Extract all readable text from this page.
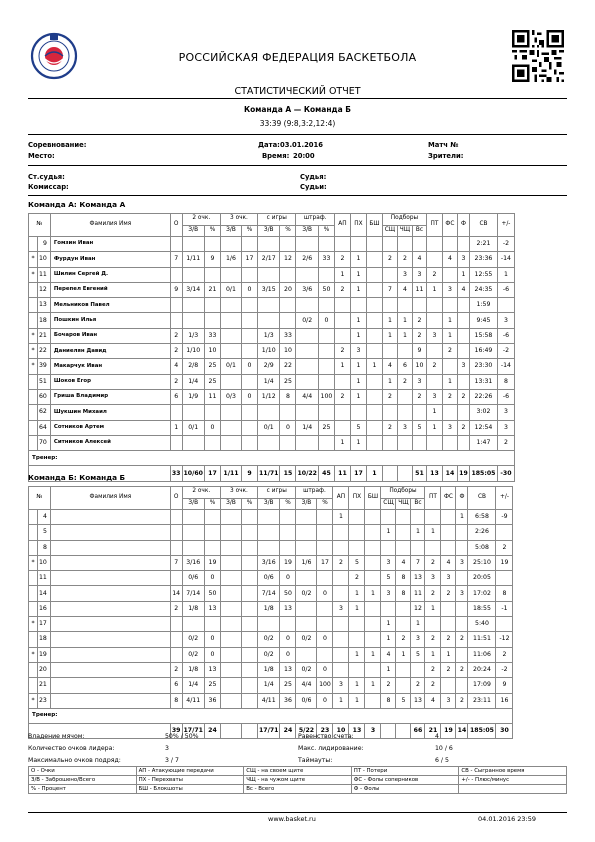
РОССИЙСКАЯ ФЕДЕРАЦИЯ БАСКЕТБОЛА
СТАТИСТИЧЕСКИЙ ОТЧЕТ
Команда А — Команда Б
33:39 (9:8,3:2,12:4)
Соревнование:	Дата: 03.01.2016	Матч №
Место:	Время: 20:00	Зрители:
Ст.судья:	Судья:
Комиссар:	Судьи:
Команда А: Команда А
№		Фамилия Имя	О	2 очк.		3 очк.		с игры		штраф.		АП	ПХ	БШ	Подборы			ПТ	ФС	Ф	СВ	+/-
				З/В	%	З/В	%	З/В	%	З/В	%				СЩ	ЧЩ	Вс					
	9	Гомзин Иван																			2:21	-2
*	10	Фурдун Иван	7	1/11	9	1/6	17	2/17	12	2/6	33	2	1		2	2	4		4	3	23:36	-14
*	11	Шилин Сергей Д.										1	1			3	3	2		1	12:55	1
	12	Перепел Евгений	9	3/14	21	0/1	0	3/15	20	3/6	50	2	1		7	4	11	1	3	4	24:35	-6
	13	Мельников Павел																			1:59	
	18	Пошкин Илья								0/2	0		1		1	1	2		1		9:45	3
*	21	Бочаров Иван	2	1/3	33			1/3	33				1		1	1	2	3	1		15:58	-6
*	22	Даниелян Давид	2	1/10	10			1/10	10			2	3				9		2		16:49	-2
*	39	Макарчук Иван	4	2/8	25	0/1	0	2/9	22			1	1	1	4	6	10	2		3	23:30	-14
	51	Шоков Егор	2	1/4	25			1/4	25				1		1	2	3		1		13:31	8
	60	Гриша Владимир	6	1/9	11	0/3	0	1/12	8	4/4	100	2	1		2		2	3	2	2	22:26	-6
	62	Шукшин Михаил																1			3:02	3
	64	Сотников Артем	1	0/1	0			0/1	0	1/4	25		5		2	3	5	1	3	2	12:54	3
	70	Ситников Алексей										1	1								1:47	2
Тренер:																						
			33	10/60	17	1/11	9	11/71	15	10/22	45	11	17	1			51	13	14	19	185:05	-30
Команда Б: Команда Б
№		Фамилия Имя	О	2 очк.		3 очк.		с игры		штраф.		АП	ПХ	БШ	Подборы			ПТ	ФС	Ф	СВ	+/-
				З/В	%	З/В	%	З/В	%	З/В	%				СЩ	ЧЩ	Вс					
	4											1								1	6:58	-9
	5														1		1	1			2:26	
	8																				5:08	2
*	10		7	3/16	19			3/16	19	1/6	17	2	5		3	4	7	2	4	3	25:10	19
	11			0/6	0			0/6	0				2		5	8	13	3	3		20:05	
	14		14	7/14	50			7/14	50	0/2	0		1	1	3	8	11	2	2	3	17:02	8
	16		2	1/8	13			1/8	13			3	1				12	1			18:55	-1
*	17														1		1				5:40	
	18			0/2	0			0/2	0	0/2	0				1	2	3	2	2	2	11:51	-12
*	19			0/2	0			0/2	0				1	1	4	1	5	1	1		11:06	2
	20		2	1/8	13			1/8	13	0/2	0				1			2	2	2	20:24	-2
	21		6	1/4	25			1/4	25	4/4	100	3	1	1	2		2	2			17:09	9
*	23		8	4/11	36			4/11	36	0/6	0	1	1		8	5	13	4	3	2	23:11	16
Тренер:																						
			39	17/71	24			17/71	24	5/22	23	10	13	3			66	21	19	14	185:05	30
Владение мячом:	50% / 50%	Равенство счета:	4
Количество очков лидера:	3	Макс. лидирование:	10 / 6
Максимально очков подряд:	3 / 7	Таймауты:	6 / 5
О - Очки	АП - Атакующие передачи	СЩ - на своем щите	ПТ - Потери	СВ - Сыгранное время
З/В - Заброшено/Всего	ПХ - Перехваты	ЧЩ - на чужом щите	ФС - Фолы соперников	+/- - Плюс/минус
% - Процент	БШ - Блокшоты	Вс - Всего	Ф - Фолы	
www.basket.ru	04.01.2016 23:59
